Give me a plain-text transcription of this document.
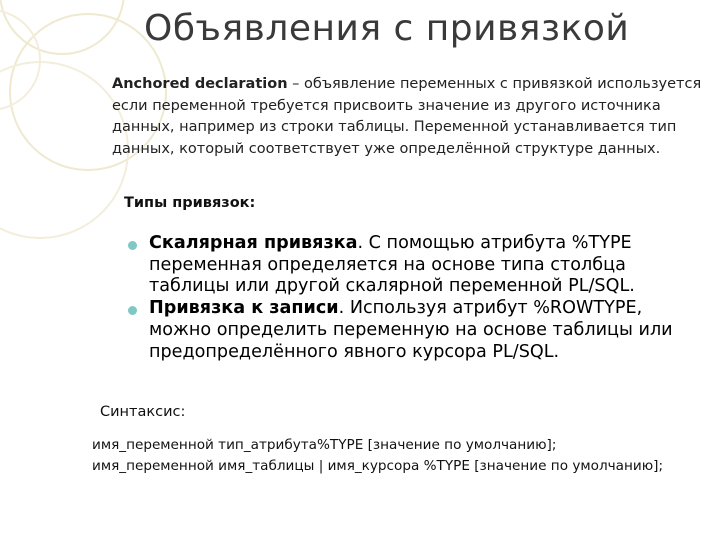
Объявления с привязкой
Anchored declaration – объявление переменных с привязкой используется если переменной требуется присвоить значение из другого источника данных, например из строки таблицы. Переменной устанавливается тип данных, который соответствует уже определённой структуре данных.
Типы привязок:
Скалярная привязка. С помощью атрибута %TYPE переменная определяется на основе типа столбца таблицы или другой скалярной переменной PL/SQL.
Привязка к записи. Используя атрибут %ROWTYPE, можно определить переменную на основе таблицы или предопределённого явного курсора PL/SQL.
Синтаксис:
имя_переменной тип_атрибута%TYPE [значение по умолчанию];
имя_переменной имя_таблицы | имя_курсора %TYPE [значение по умолчанию];
